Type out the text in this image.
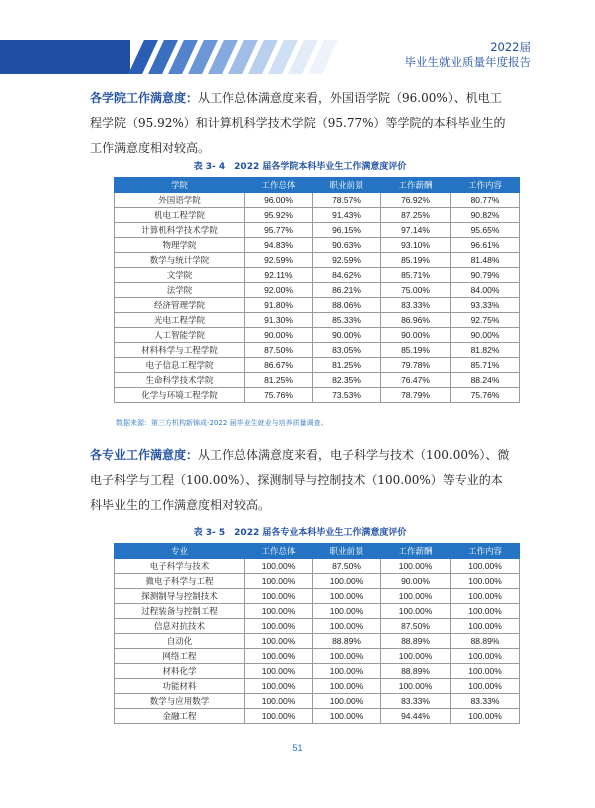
2022届
毕业生就业质量年度报告
各学院工作满意度：从工作总体满意度来看，外国语学院（96.00%）、机电工程学院（95.92%）和计算机科学技术学院（95.77%）等学院的本科毕业生的工作满意度相对较高。
表 3- 4　2022 届各学院本科毕业生工作满意度评价
学院	工作总体	职业前景	工作薪酬	工作内容
外国语学院	96.00%	78.57%	76.92%	80.77%
机电工程学院	95.92%	91.43%	87.25%	90.82%
计算机科学技术学院	95.77%	96.15%	97.14%	95.65%
物理学院	94.83%	90.63%	93.10%	96.61%
数学与统计学院	92.59%	92.59%	85.19%	81.48%
文学院	92.11%	84.62%	85.71%	90.79%
法学院	92.00%	86.21%	75.00%	84.00%
经济管理学院	91.80%	88.06%	83.33%	93.33%
光电工程学院	91.30%	85.33%	86.96%	92.75%
人工智能学院	90.00%	90.00%	90.00%	90.00%
材料科学与工程学院	87.50%	83.05%	85.19%	81.82%
电子信息工程学院	86.67%	81.25%	79.78%	85.71%
生命科学技术学院	81.25%	82.35%	76.47%	88.24%
化学与环境工程学院	75.76%	73.53%	78.79%	75.76%
数据来源：第三方机构新锦成-2022 届毕业生就业与培养质量调查。
各专业工作满意度：从工作总体满意度来看，电子科学与技术（100.00%）、微电子科学与工程（100.00%）、探测制导与控制技术（100.00%）等专业的本科毕业生的工作满意度相对较高。
表 3- 5　2022 届各专业本科毕业生工作满意度评价
专业	工作总体	职业前景	工作薪酬	工作内容
电子科学与技术	100.00%	87.50%	100.00%	100.00%
微电子科学与工程	100.00%	100.00%	90.00%	100.00%
探测制导与控制技术	100.00%	100.00%	100.00%	100.00%
过程装备与控制工程	100.00%	100.00%	100.00%	100.00%
信息对抗技术	100.00%	100.00%	87.50%	100.00%
自动化	100.00%	88.89%	88.89%	88.89%
网络工程	100.00%	100.00%	100.00%	100.00%
材料化学	100.00%	100.00%	88.89%	100.00%
功能材料	100.00%	100.00%	100.00%	100.00%
数学与应用数学	100.00%	100.00%	83.33%	83.33%
金融工程	100.00%	100.00%	94.44%	100.00%
51
